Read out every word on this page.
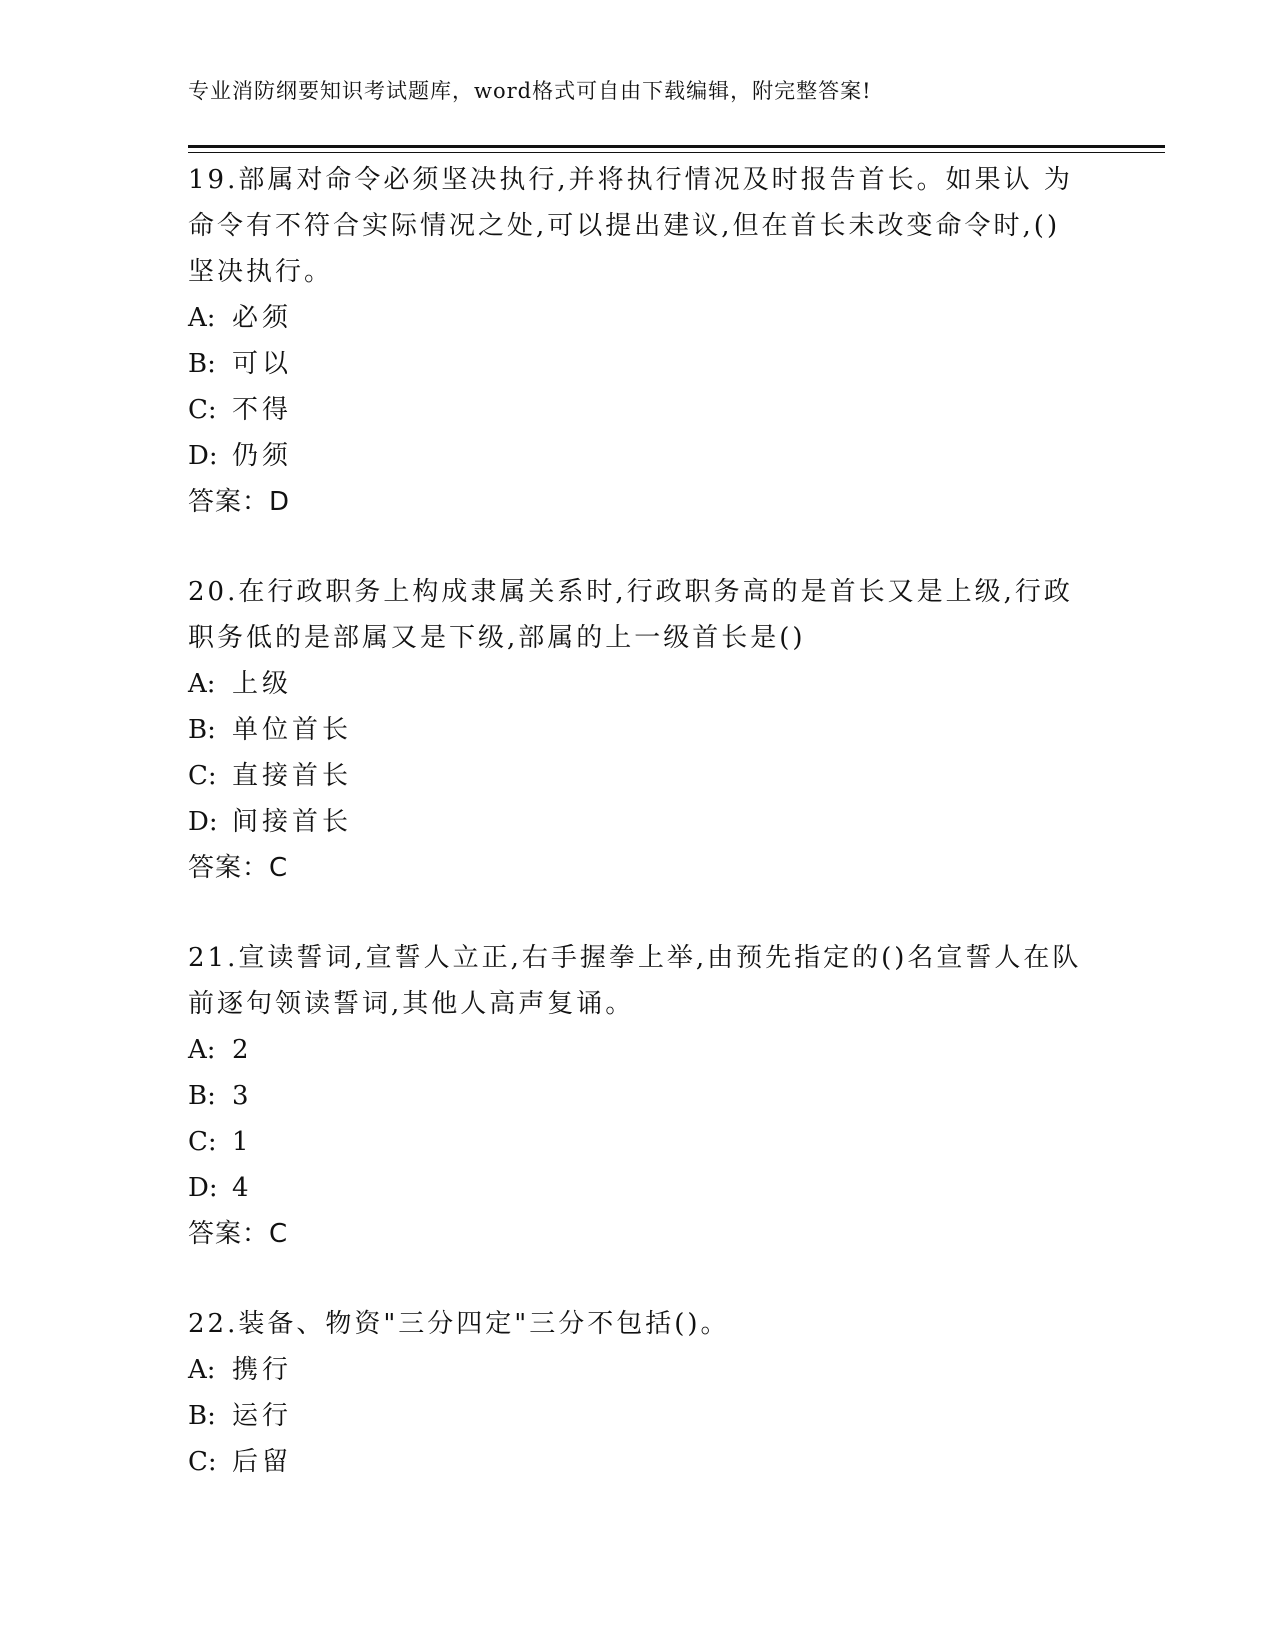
专业消防纲要知识考试题库，word格式可自由下载编辑，附完整答案!

19.部属对命令必须坚决执行,并将执行情况及时报告首长。如果认 为命令有不符合实际情况之处,可以提出建议,但在首长未改变命令时,()坚决执行。

A: 必须

B: 可以

C: 不得

D: 仍须

答案：D

20.在行政职务上构成隶属关系时,行政职务高的是首长又是上级,行政职务低的是部属又是下级,部属的上一级首长是()

A: 上级

B: 单位首长

C: 直接首长

D: 间接首长

答案：C

21.宣读誓词,宣誓人立正,右手握拳上举,由预先指定的()名宣誓人在队前逐句领读誓词,其他人高声复诵。

A: 2

B: 3

C: 1

D: 4

答案：C

22.装备、物资"三分四定"三分不包括()。

A: 携行

B: 运行

C: 后留
